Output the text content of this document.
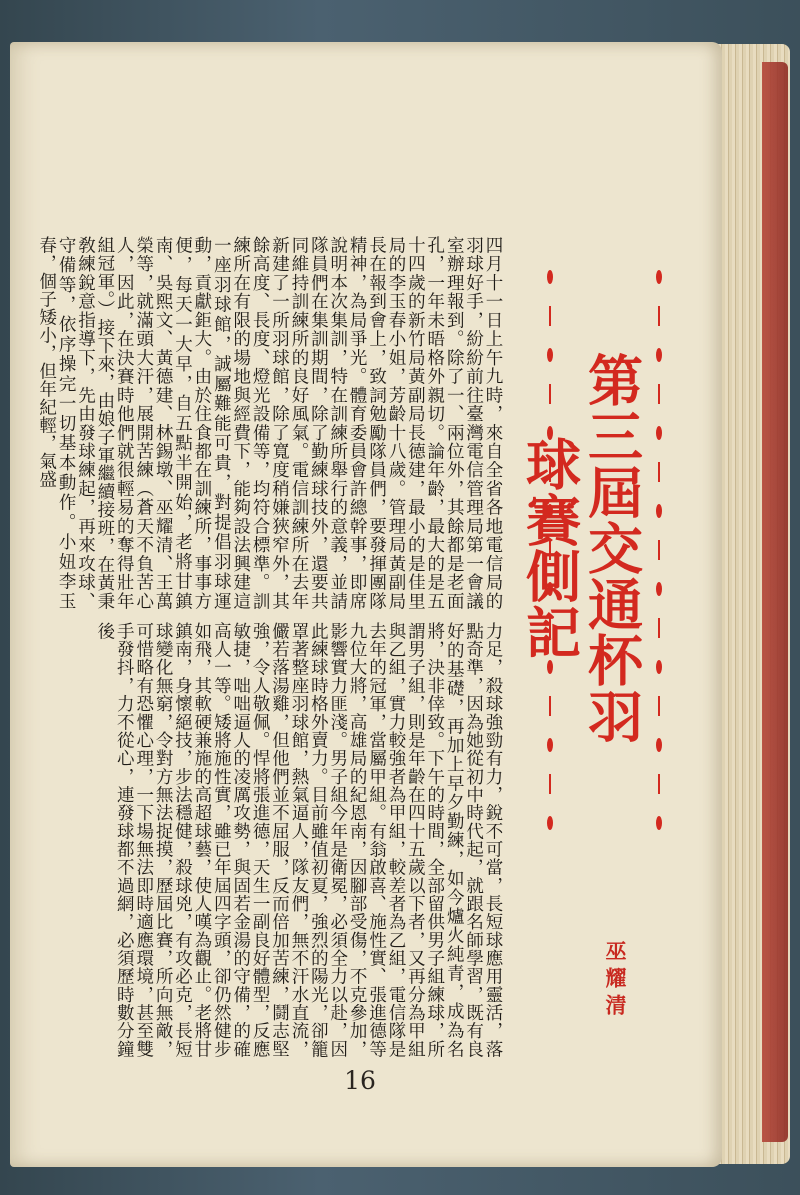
四月十一日上午九時，來自全省各地電信局的羽球好手，紛紛前往臺灣電信管理局第一會議室辦理報到。除了一、兩位外，其餘都是老面孔，一年未晤格外親切。論年齡，最大的是五十四歲的新竹局黃副局長德建，最小的是佳里局的李玉春小姐，芳齡十八歲。管理局黃副局長在報到會上，致詞勉勵隊員們，要發揮團隊精神，為局爭光。體育委員會許總幹事，即席說明本次集訓，特在訓練所舉行的意義，並請隊員們在集訓期間，除了勤練球技外，還要共同維持訓練所的良好風氣。電信訓練所在去年新建了一所羽球館，除了寬度稍嫌狹窄外，其餘高度、長度、燈光設備等，均符合標準。訓練所在有限的場地與經費下，能夠設法興建這一座羽球館，誠屬難能可貴，對提倡羽球運動，貢獻鉅大。由於住食都在訓練所，事事方便，每天一大早，自五點半開始，老將甘鎮南、吳熙文、黃德建、林錫墩、巫耀清、王萬榮等，就滿頭大汗，展開苦練（蒼天不負苦心人，因此，在決賽時他們就很輕易的奪得壯年組冠軍。）接下來，由娘子軍繼續接班，在黃秉敎練銳意指導下，先由發球練起，再來攻球、守備等，依序操完一切基本動作。小妞李玉春，個子矮小，但年紀輕，氣盛
力足，殺球強勁有力，銳不可當，長短球應用靈活，落點奇準，因為她從初中時代起，就跟名師學習，既有良好的基礎，再加上早夕勤練，如今爐火純青，成為名將，決非倖致。下午的時間，全部留供男子組練球，所謂男子組，則是年齡在四十五歲以下者，又再分為甲組與乙組，實力較強者為甲組，較差者為乙組，電信隊是去年的冠軍，當屬甲組。有翁啟喜、施性實、張進德等九位大將，高雄局的紀恩南，因腳部受傷，不克參加，影響實力匪淺。男子組今年是衛冕，必須全力以赴，因此練球時格外賣力。目前雖值初夏，強烈的陽光，卻籠罩著整座羽球館，熱氣逼人，隊友們，無不汗水直流，儼若落湯雞，但他們並不屈服，反而倍加苦練，鬪志堅強，令人敬佩。悍將張進德，天生一副良好體型，反應敏捷，咄咄逼人的凌厲攻勢，與固若金湯的守備，的確高人一等。矮將施性實，雖已年屆四字頭，卻仍然健步如飛，其軟硬兼施的高超球藝，使人嘆為觀止。老將甘鎮南，身懷絕技，步法穩健，殺球兇，有攻必克，長短球變化無窮，令對方無法捉摸，歷屆比賽，所向無敵，可惜略有恐懼心理，一下場無法即時適應環境，甚至雙手發抖，力不從心，連發球都不過網，必須歷時數分鐘後	第三屆交通杯羽球賽側記
巫耀清
16
